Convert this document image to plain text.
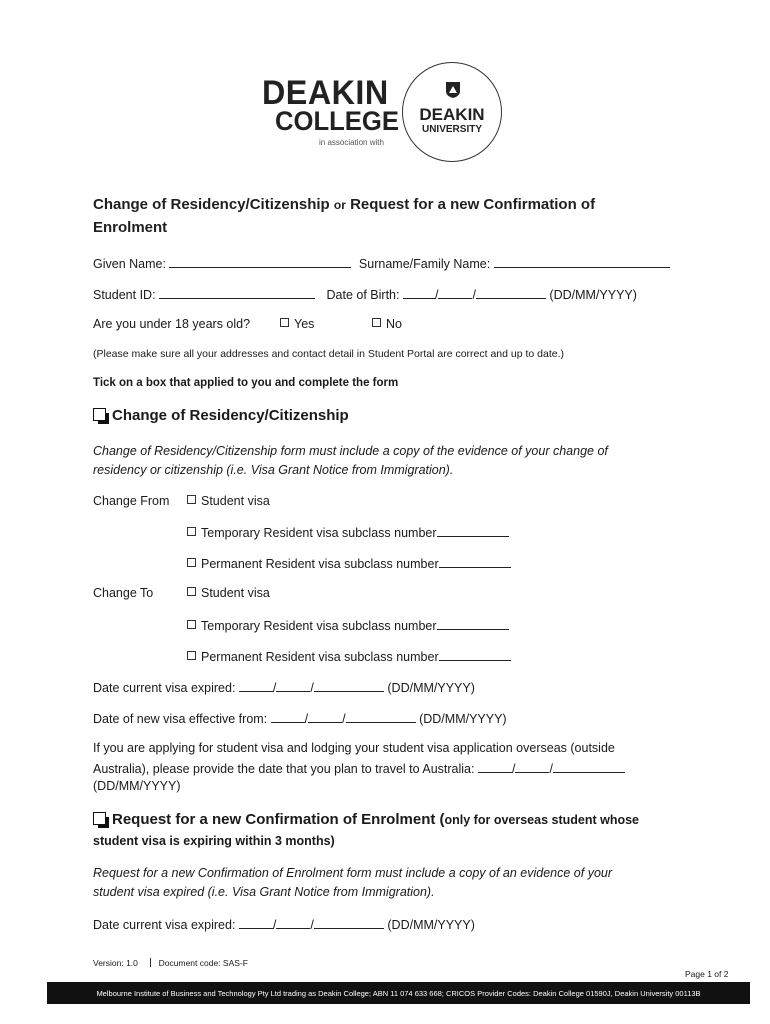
DEAKIN
COLLEGE
in association with
DEAKIN
UNIVERSITY
Change of Residency/Citizenship or Request for a new Confirmation of
Enrolment
Given Name:	Surname/Family Name:
Student ID:	Date of Birth:	/	/	(DD/MM/YYYY)
Are you under 18 years old?	Yes	No
(Please make sure all your addresses and contact detail in Student Portal are correct and up to date.)
Tick on a box that applied to you and complete the form
Change of Residency/Citizenship
Change of Residency/Citizenship form must include a copy of the evidence of your change of
residency or citizenship (i.e. Visa Grant Notice from Immigration).
Change From	Student visa
Temporary Resident visa subclass number
Permanent Resident visa subclass number
Change To	Student visa
Temporary Resident visa subclass number
Permanent Resident visa subclass number
Date current visa expired:	/	/	(DD/MM/YYYY)
Date of new visa effective from:	/	/	(DD/MM/YYYY)
If you are applying for student visa and lodging your student visa application overseas (outside
Australia), please provide the date that you plan to travel to Australia:	/	/
(DD/MM/YYYY)
Request for a new Confirmation of Enrolment (only for overseas student whose
student visa is expiring within 3 months)
Request for a new Confirmation of Enrolment form must include a copy of an evidence of your
student visa expired (i.e. Visa Grant Notice from Immigration).
Date current visa expired:	/	/	(DD/MM/YYYY)
Version: 1.0 Document code: SAS-F
Page 1 of 2
Melbourne Institute of Business and Technology Pty Ltd trading as Deakin College; ABN 11 074 633 668; CRICOS Provider Codes: Deakin College 01590J, Deakin University 00113B
